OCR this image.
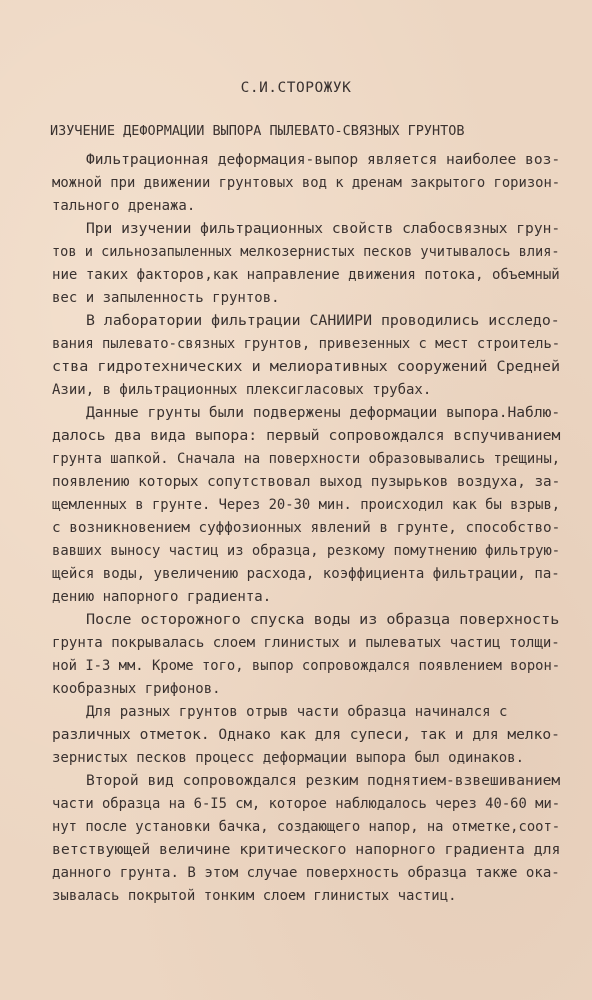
С.И.СТОРОЖУК
ИЗУЧЕНИЕ ДЕФОРМАЦИИ ВЫПОРА ПЫЛЕВАТО-СВЯЗНЫХ ГРУНТОВ
Фильтрационная деформация-выпор является наиболее воз-
можной при движении грунтовых вод к дренам закрытого горизон-
тального дренажа.
При изучении фильтрационных свойств слабосвязных грун-
тов и сильнозапыленных мелкозернистых песков учитывалось влия-
ние таких факторов,как направление движения потока, объемный
вес и запыленность грунтов.
В лаборатории фильтрации САНИИРИ проводились исследо-
вания пылевато-связных грунтов, привезенных с мест строитель-
ства гидротехнических и мелиоративных сооружений Средней
Азии, в фильтрационных плексигласовых трубах.
Данные грунты были подвержены деформации выпора.Наблю-
далось два вида выпора: первый сопровождался вспучиванием
грунта шапкой. Сначала на поверхности образовывались трещины,
появлению которых сопутствовал выход пузырьков воздуха, за-
щемленных в грунте. Через 20-30 мин. происходил как бы взрыв,
с возникновением суффозионных явлений в грунте, способство-
вавших выносу частиц из образца, резкому помутнению фильтрую-
щейся воды, увеличению расхода, коэффициента фильтрации, па-
дению напорного градиента.
После осторожного спуска воды из образца поверхность
грунта покрывалась слоем глинистых и пылеватых частиц толщи-
ной I-3 мм. Кроме того, выпор сопровождался появлением ворон-
кообразных грифонов.
Для разных грунтов отрыв части образца начинался с
различных отметок. Однако как для супеси, так и для мелко-
зернистых песков процесс деформации выпора был одинаков.
Второй вид сопровождался резким поднятием-взвешиванием
части образца на 6-I5 см, которое наблюдалось через 40-60 ми-
нут после установки бачка, создающего напор, на отметке,соот-
ветствующей величине критического напорного градиента для
данного грунта. В этом случае поверхность образца также ока-
зывалась покрытой тонким слоем глинистых частиц.
